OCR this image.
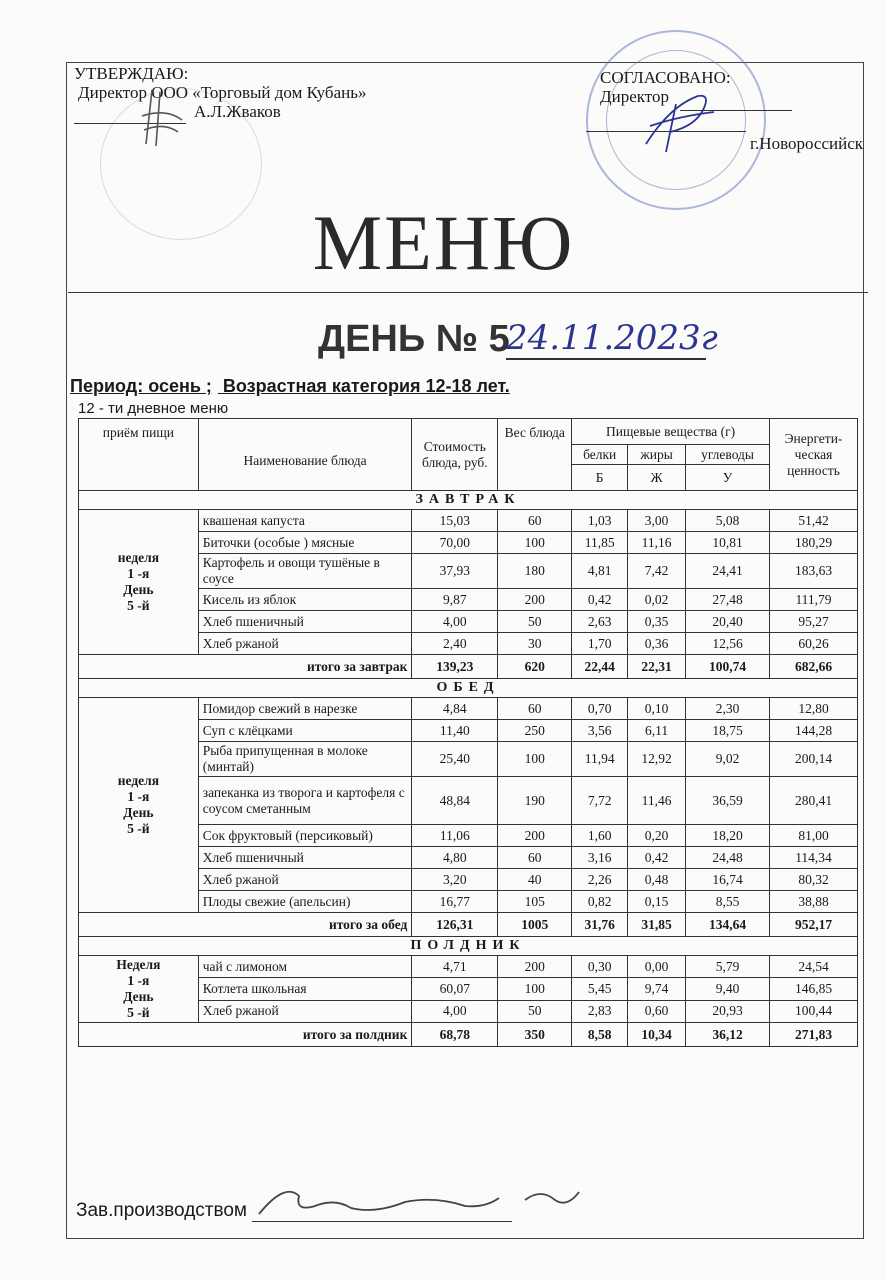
УТВЕРЖДАЮ:
Директор ООО «Торговый дом Кубань»
А.Л.Жваков
СОГЛАСОВАНО:
Директор
г.Новороссийск
МЕНЮ
ДЕНЬ № 5
24.11.2023г
Период: осень ; Возрастная категория 12-18 лет.
12 - ти дневное меню
приём пищи	Наименование блюда	Стоимость блюда, руб.	Вес блюда	Пищевые вещества (г)			Энергети- ческая ценность
				белки	жиры	углеводы	
				Б	Ж	У	
ЗАВТРАК							

неделя
1 -я
День
5 -й	квашеная капуста	15,03	60	1,03	3,00	5,08	51,42
	Биточки (особые ) мясные	70,00	100	11,85	11,16	10,81	180,29
	Картофель и овощи тушёные в соусе	37,93	180	4,81	7,42	24,41	183,63
	Кисель из яблок	9,87	200	0,42	0,02	27,48	111,79
	Хлеб пшеничный	4,00	50	2,63	0,35	20,40	95,27
	Хлеб ржаной	2,40	30	1,70	0,36	12,56	60,26
итого за завтрак		139,23	620	22,44	22,31	100,74	682,66
ОБЕД							

неделя
1 -я
День
5 -й	Помидор свежий в нарезке	4,84	60	0,70	0,10	2,30	12,80
	Суп с клёцками	11,40	250	3,56	6,11	18,75	144,28
	Рыба припущенная в молоке (минтай)	25,40	100	11,94	12,92	9,02	200,14
	запеканка из творога и картофеля с соусом сметанным	48,84	190	7,72	11,46	36,59	280,41
	Сок фруктовый (персиковый)	11,06	200	1,60	0,20	18,20	81,00
	Хлеб пшеничный	4,80	60	3,16	0,42	24,48	114,34
	Хлеб ржаной	3,20	40	2,26	0,48	16,74	80,32
	Плоды свежие (апельсин)	16,77	105	0,82	0,15	8,55	38,88
итого за обед		126,31	1005	31,76	31,85	134,64	952,17
ПОЛДНИК							

Неделя
1 -я
День
5 -й	чай с лимоном	4,71	200	0,30	0,00	5,79	24,54
	Котлета школьная	60,07	100	5,45	9,74	9,40	146,85
	Хлеб ржаной	4,00	50	2,83	0,60	20,93	100,44
итого за полдник		68,78	350	8,58	10,34	36,12	271,83
Зав.производством
